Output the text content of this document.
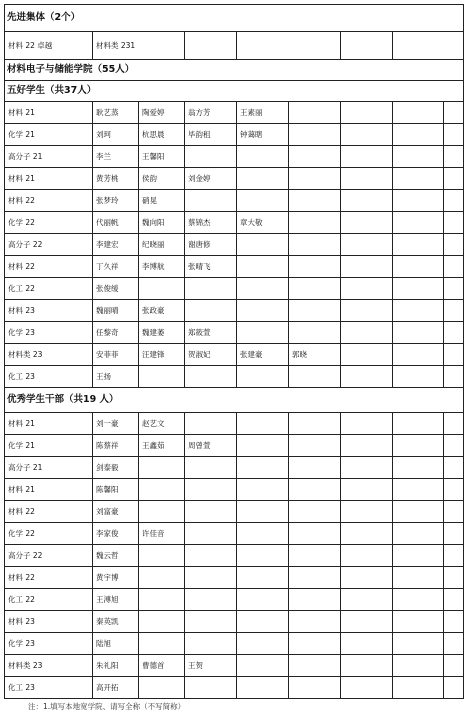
先进集体（2个）								
材料 22 卓越	材料类 231							
材料电子与储能学院（55人）								
五好学生（共37人）								
材料 21	耿艺蒸	陶爱婷	翁方芳	王素丽				
化学 21	刘珂	杭思晨	毕韵租	钟蔼瞎				
高分子 21	李兰	王馨阳						
材料 21	黄芳桃	侯韵	刘金婷					
材料 22	张梦玲	硝晃						
化学 22	代丽帆	魏向阳	蔡锦杰	章大敬				
高分子 22	李建宏	纪晓丽	谢唐修					
材料 22	丁久祥	李博航	张晴飞					
化工 22	张俊缓							
材料 23	魏丽晴	张政豪						
化学 23	任黎奇	魏建萎	郑筱萱					
材料类 23	安菲菲	汪建锋	贺淑妃	张建豪	郭晓			
化工 23	王扬							
优秀学生干部（共19 人）								
材料 21	刘一豪	赵艺文						
化学 21	陈蔡祥	王鑫茹	周曾萱					
高分子 21	剑泰毅							
材料 21	陈馨阳							
材料 22	刘富豪							
化学 22	李家俊	许佳音						
高分子 22	魏云哲							
材料 22	黄宇博							
化工 22	王溥旭							
材料 23	秦英凯							
化学 23	陆旭							
材料类 23	朱礼阳	曹德首	王贺					
化工 23	高开拓							
注：1.填写本地宽学院、请写全称（不写简称）
